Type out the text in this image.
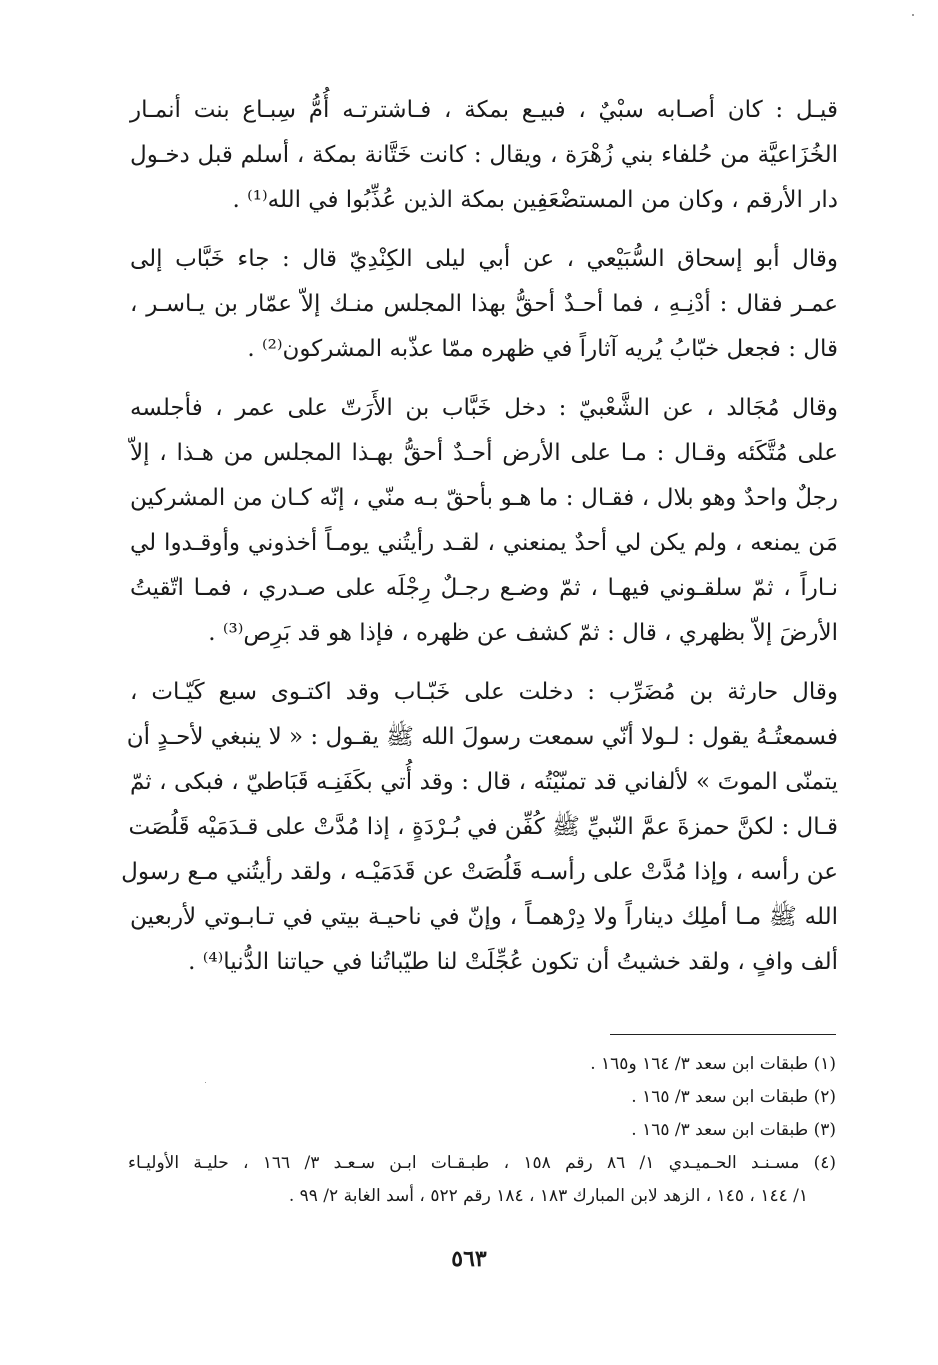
قيـل : كان أصـابه سبْيٌ ، فبيـع بمكة ، فـاشترتـه أُمُّ سِبـاع بنت أنمـار
الخُزَاعيَّة من حُلفاء بني زُهْرَة ، ويقال : كانت خَتَّانة بمكة ، أسلم قبل دخـول
دار الأرقم ، وكان من المستضْعَفِين بمكة الذين عُذِّبُوا في الله⁽¹⁾ .

وقال أبو إسحاق السُّبَيْعي ، عن أبي ليلى الكِنْدِيّ قال : جاء خَبَّاب إلى
عمـر فقال : أدْنِـهِ ، فما أحـدٌ أحقُّ بهذا المجلس منـك إلاّ عمّار بن يـاسـر ،
قال : فجعل خبّابُ يُريه آثاراً في ظهره ممّا عذّبه المشركون⁽²⁾ .

وقال مُجَالد ، عن الشَّعْبيّ : دخل خَبَّاب بن الأَرَتّ على عمر ، فأجلسه
على مُتَّكَئه وقـال : مـا على الأرض أحـدٌ أحقُّ بهـذا المجلس من هـذا ، إلاّ
رجلٌ واحدٌ وهو بلال ، فقـال : ما هـو بأحقّ بـه منّي ، إنّه كـان من المشركين
مَن يمنعه ، ولم يكن لي أحدٌ يمنعني ، لقـد رأيتُني يومـاً أخذوني وأوقـدوا لي
نـاراً ، ثمّ سلقـوني فيهـا ، ثمّ وضـع رجـلٌ رِجْلَه على صـدري ، فمـا اتّقيتُ
الأرضَ إلاّ بظهري ، قال : ثمّ كشف عن ظهره ، فإذا هو قد بَرِص⁽³⁾ .

وقال حارثة بن مُضَرِّب : دخلت على خَبّـاب وقد اكتـوى سبع كَيّـات ،
فسمعتُـهُ يقول : لـولا أنّي سمعت رسولَ الله ﷺ يقـول : « لا ينبغي لأحـدٍ أن
يتمنّى الموتَ » لألفاني قد تمنّيْتُه ، قال : وقد أُتي بكَفَنِـه قَبَاطيّ ، فبكى ، ثمّ
قـال : لكنَّ حمزةَ عمَّ النّبيِّ ﷺ كُفِّن في بُـرْدَةٍ ، إذا مُدَّتْ على قـدَمَيْه قَلُصَت
عن رأسه ، وإذا مُدَّتْ على رأسـه قَلُصَتْ عن قَدَمَيْـه ، ولقد رأيتُني مـع رسول
الله ﷺ مـا أملِك ديناراً ولا دِرْهمـاً ، وإنّ في ناحيـة بيتي في تـابـوتي لأربعين
ألف وافٍ ، ولقد خشيتُ أن تكون عُجِّلَتْ لنا طيّباتُنا في حياتنا الدُّنيا⁽⁴⁾ .

(١) طبقات ابن سعد ٣/ ١٦٤ و١٦٥ .
(٢) طبقات ابن سعد ٣/ ١٦٥ .
(٣) طبقات ابن سعد ٣/ ١٦٥ .
(٤) مسـنـد الحـميـدي ١/ ٨٦ رقم ١٥٨ ، طبـقـات ابـن سـعـد ٣/ ١٦٦ ، حليـة الأوليـاء
١/ ١٤٤ ، ١٤٥ ، الزهد لابن المبارك ١٨٣ ، ١٨٤ رقم ٥٢٢ ، أسد الغابة ٢/ ٩٩ .
٥٦٣
